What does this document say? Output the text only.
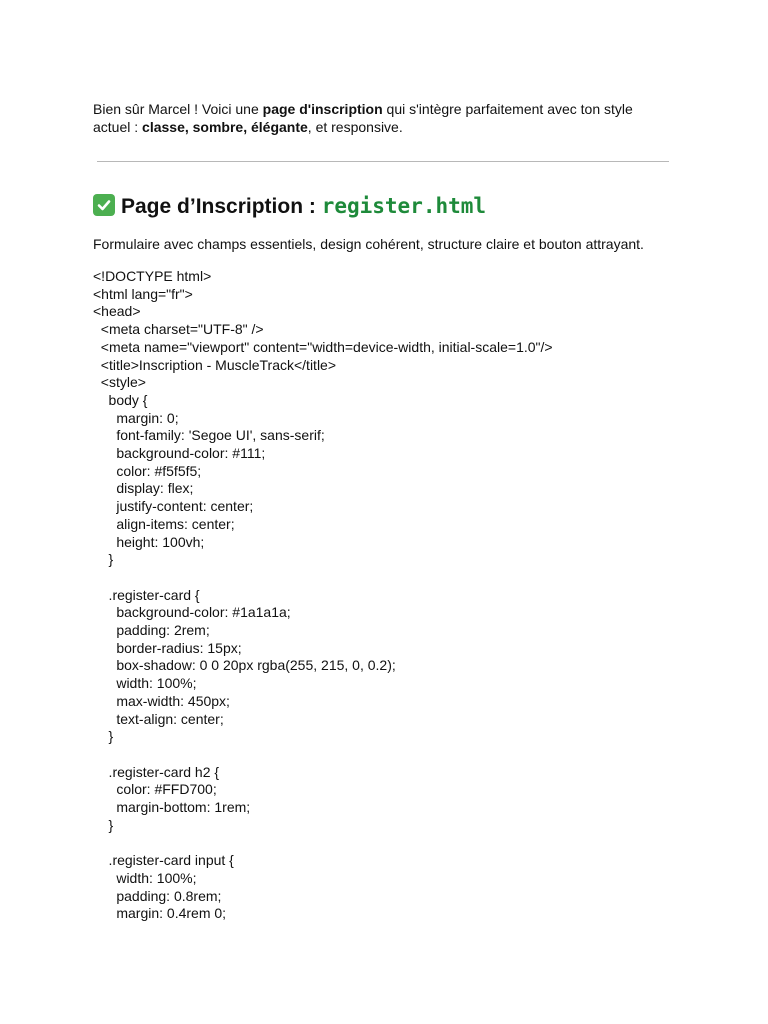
Bien sûr Marcel ! Voici une page d'inscription qui s'intègre parfaitement avec ton style actuel : classe, sombre, élégante, et responsive.

Page d’Inscription : register.html

Formulaire avec champs essentiels, design cohérent, structure claire et bouton attrayant.

<!DOCTYPE html>
<html lang="fr">
<head>
<meta charset="UTF-8" />
<meta name="viewport" content="width=device-width, initial-scale=1.0"/>
<title>Inscription - MuscleTrack</title>
<style>
body {
margin: 0;
font-family: 'Segoe UI', sans-serif;
background-color: #111;
color: #f5f5f5;
display: flex;
justify-content: center;
align-items: center;
height: 100vh;
}

.register-card {
background-color: #1a1a1a;
padding: 2rem;
border-radius: 15px;
box-shadow: 0 0 20px rgba(255, 215, 0, 0.2);
width: 100%;
max-width: 450px;
text-align: center;
}

.register-card h2 {
color: #FFD700;
margin-bottom: 1rem;
}

.register-card input {
width: 100%;
padding: 0.8rem;
margin: 0.4rem 0;
